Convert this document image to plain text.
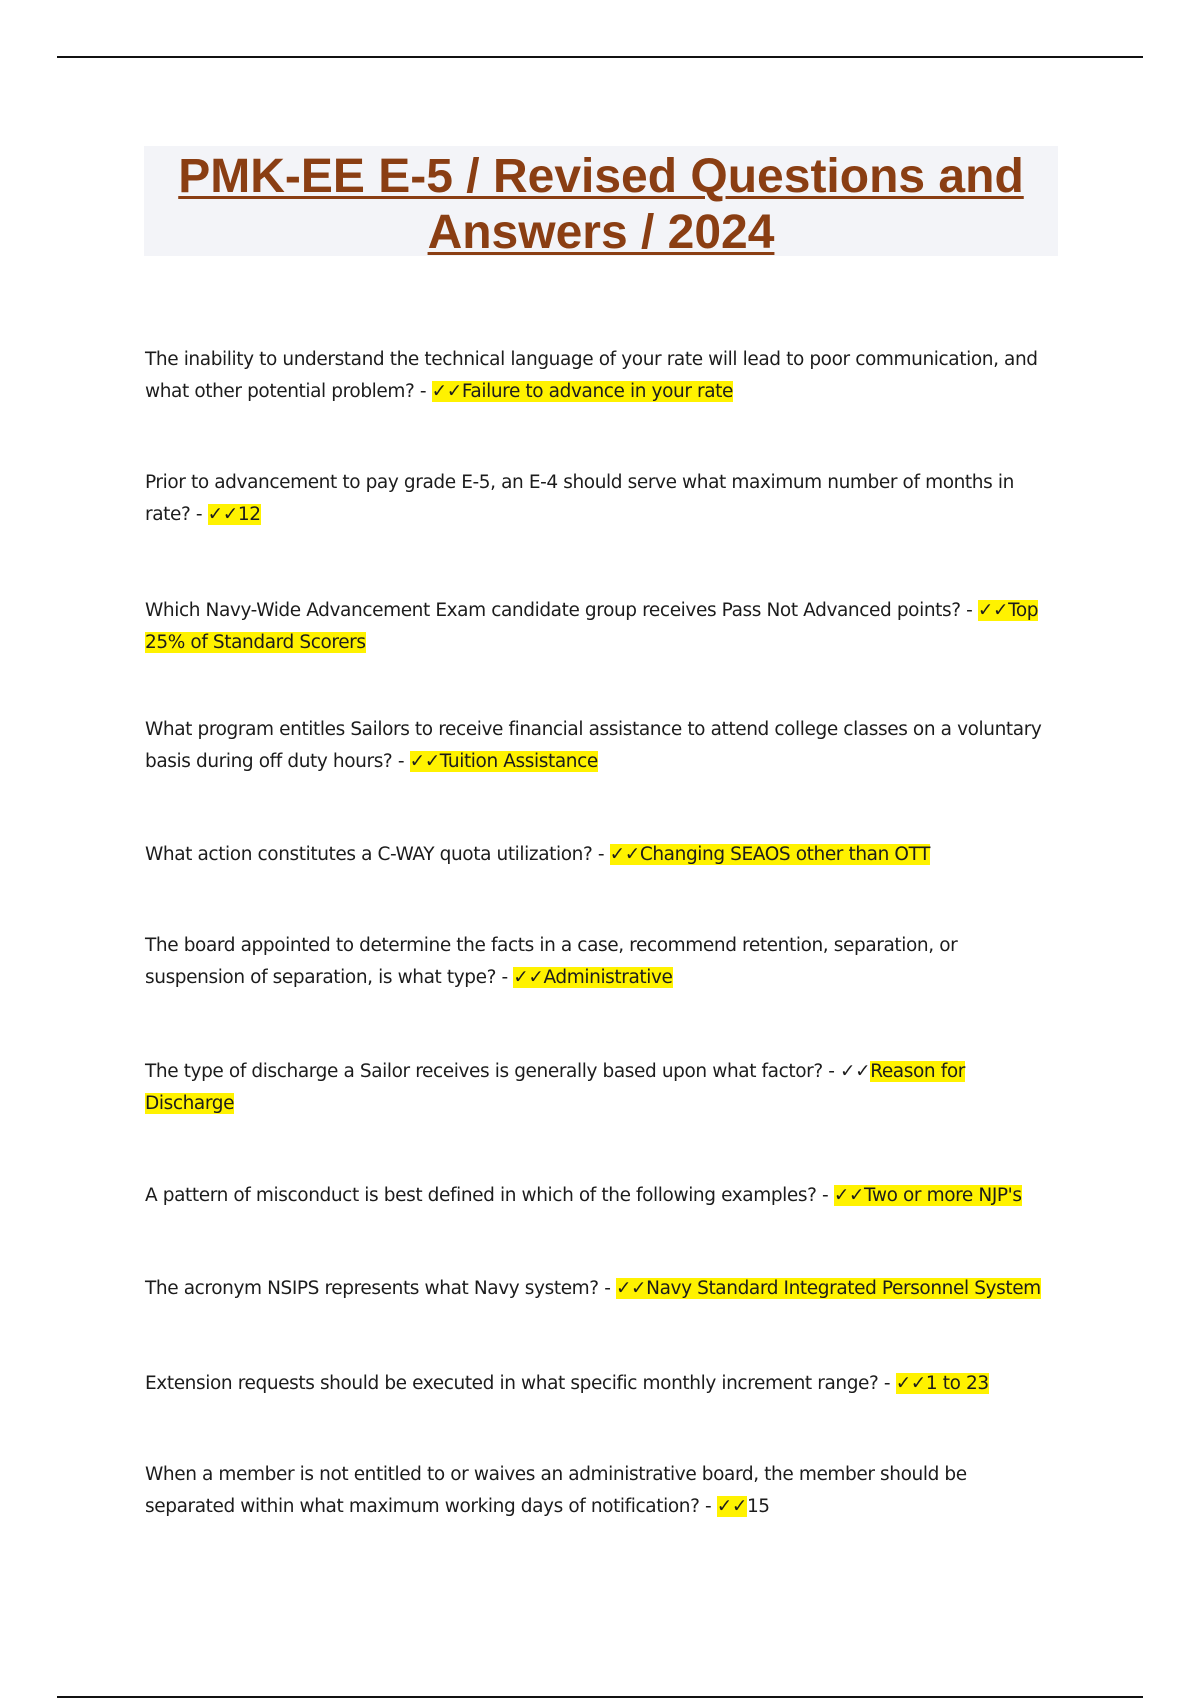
PMK-EE E-5 / Revised Questions and
Answers / 2024

The inability to understand the technical language of your rate will lead to poor communication, and what other potential problem? - ✓✓Failure to advance in your rate

Prior to advancement to pay grade E-5, an E-4 should serve what maximum number of months in rate? - ✓✓12

Which Navy-Wide Advancement Exam candidate group receives Pass Not Advanced points? - ✓✓Top 25% of Standard Scorers

What program entitles Sailors to receive financial assistance to attend college classes on a voluntary basis during off duty hours? - ✓✓Tuition Assistance

What action constitutes a C-WAY quota utilization? - ✓✓Changing SEAOS other than OTT

The board appointed to determine the facts in a case, recommend retention, separation, or suspension of separation, is what type? - ✓✓Administrative

The type of discharge a Sailor receives is generally based upon what factor? - ✓✓Reason for Discharge

A pattern of misconduct is best defined in which of the following examples? - ✓✓Two or more NJP's

The acronym NSIPS represents what Navy system? - ✓✓Navy Standard Integrated Personnel System

Extension requests should be executed in what specific monthly increment range? - ✓✓1 to 23

When a member is not entitled to or waives an administrative board, the member should be separated within what maximum working days of notification? - ✓✓15
